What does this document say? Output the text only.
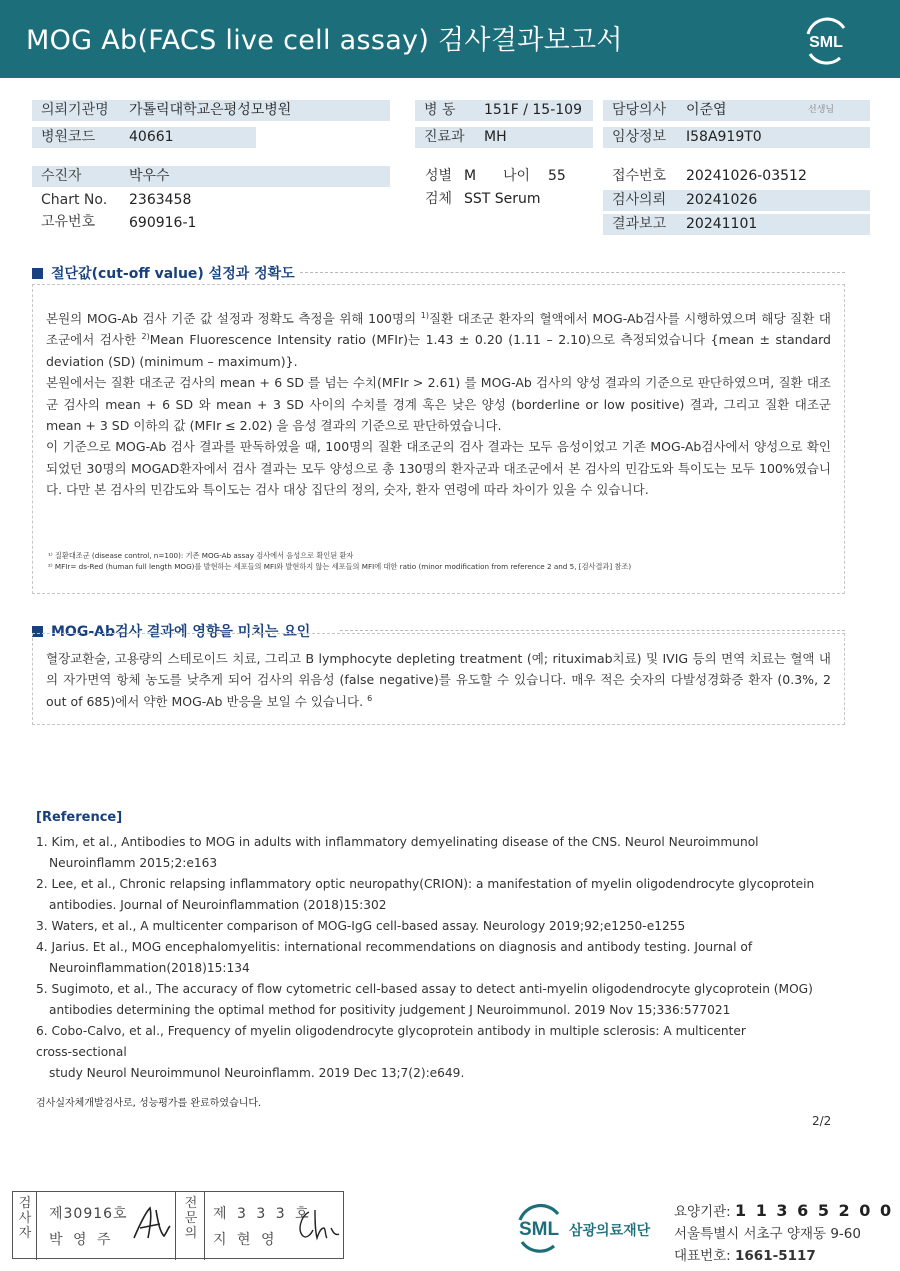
MOG Ab(FACS live cell assay) 검사결과보고서	SML
의뢰기관명	가톨릭대학교은평성모병원
병원코드	40661
병 동	151F / 15-109
진료과	MH
담당의사	이준엽	선생님
임상정보	I58A919T0
수진자	박우수
Chart No. 2363458
고유번호 690916-1
성별 M 나이 55
검체 SST Serum
접수번호 20241026-03512
검사의뢰	20241026
결과보고	20241101
절단값(cut-off value) 설정과 정확도

본원의 MOG-Ab 검사 기준 값 설정과 정확도 측정을 위해 100명의 $^{1)}$질환 대조군 환자의 혈액에서 MOG-Ab검사를 시행하였으며 해당 질환 대조군에서 검사한 $^{2)}$Mean Fluorescence Intensity ratio (MFIr)는 1.43 ± 0.20 (1.11 – 2.10)으로 측정되었습니다 {mean ± standard deviation (SD) (minimum – maximum)}.

본원에서는 질환 대조군 검사의 mean + 6 SD 를 넘는 수치(MFIr > 2.61) 를 MOG-Ab 검사의 양성 결과의 기준으로 판단하였으며, 질환 대조군 검사의 mean + 6 SD 와 mean + 3 SD 사이의 수치를 경계 혹은 낮은 양성 (borderline or low positive) 결과, 그리고 질환 대조군 mean + 3 SD 이하의 값 (MFIr ≤ 2.02) 을 음성 결과의 기준으로 판단하였습니다.

이 기준으로 MOG-Ab 검사 결과를 판독하였을 때, 100명의 질환 대조군의 검사 결과는 모두 음성이었고 기존 MOG-Ab검사에서 양성으로 확인되었던 30명의 MOGAD환자에서 검사 결과는 모두 양성으로 총 130명의 환자군과 대조군에서 본 검사의 민감도와 특이도는 모두 100%였습니다. 다만 본 검사의 민감도와 특이도는 검사 대상 집단의 정의, 숫자, 환자 연령에 따라 차이가 있을 수 있습니다.

¹⁾ 질환대조군 (disease control, n=100): 기존 MOG-Ab assay 검사에서 음성으로 확인된 환자
²⁾ MFIr= ds-Red (human full length MOG)를 발현하는 세포들의 MFI와 발현하지 않는 세포들의 MFI에 대한 ratio (minor modification from reference 2 and 5, [검사결과] 참조)
MOG-Ab검사 결과에 영향을 미치는 요인

혈장교환술, 고용량의 스테로이드 치료, 그리고 B lymphocyte depleting treatment (예; rituximab치료) 및 IVIG 등의 면역 치료는 혈액 내의 자가면역 항체 농도를 낮추게 되어 검사의 위음성 (false negative)를 유도할 수 있습니다. 매우 적은 숫자의 다발성경화증 환자 (0.3%, 2 out of 685)에서 약한 MOG-Ab 반응을 보일 수 있습니다. $^6$

[Reference]
1. Kim, et al., Antibodies to MOG in adults with inflammatory demyelinating disease of the CNS. Neurol Neuroimmunol
Neuroinflamm 2015;2:e163
2. Lee, et al., Chronic relapsing inflammatory optic neuropathy(CRION): a manifestation of myelin oligodendrocyte glycoprotein
antibodies. Journal of Neuroinflammation (2018)15:302
3. Waters, et al., A multicenter comparison of MOG-IgG cell-based assay. Neurology 2019;92;e1250-e1255
4. Jarius. Et al., MOG encephalomyelitis: international recommendations on diagnosis and antibody testing. Journal of
Neuroinflammation(2018)15:134
5. Sugimoto, et al., The accuracy of flow cytometric cell-based assay to detect anti-myelin oligodendrocyte glycoprotein (MOG)
antibodies determining the optimal method for positivity judgement J Neuroimmunol. 2019 Nov 15;336:577021
6. Cobo-Calvo, et al., Frequency of myelin oligodendrocyte glycoprotein antibody in multiple sclerosis: A multicenter
cross-sectional
study Neurol Neuroimmunol Neuroinflamm. 2019 Dec 13;7(2):e649.
검사실자체개발검사로, 성능평가를 완료하였습니다.
2/2
검사자
제30916호
박 영 주
전문의
제 3 3 3 호
지 현 영	SML 삼광의료재단
요양기관: 1 1 3 6 5 2 0 0
서울특별시 서초구 양재동 9-60
대표번호: 1661-5117
